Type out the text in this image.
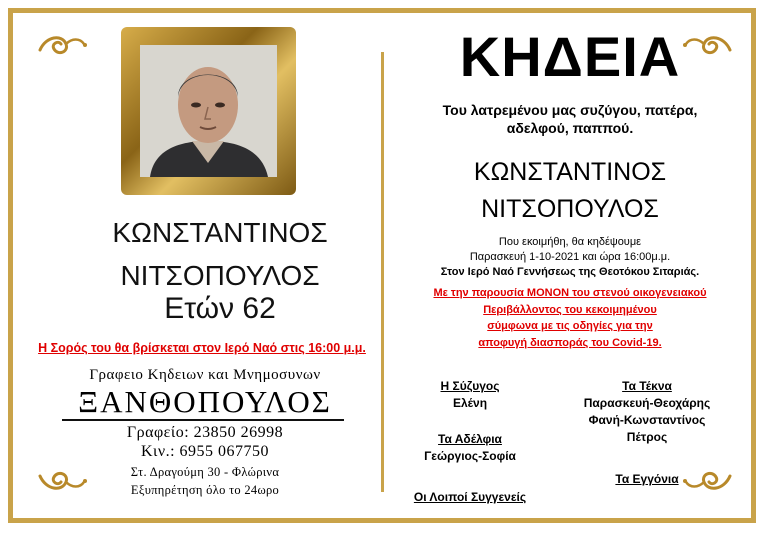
ΚΩΝΣΤΑΝΤΙΝΟΣ
ΝΙΤΣΟΠΟΥΛΟΣ
Ετών 62
Η Σορός του θα βρίσκεται στον Ιερό Ναό στις 16:00 μ.μ.
Γραφειο Κηδειων και Μνημοσυνων
ΞΑΝΘΟΠΟΥΛΟΣ
Γραφείο: 23850 26998
Κιν.: 6955 067750
Στ. Δραγούμη 30 - Φλώρινα
Εξυπηρέτηση όλο το 24ωρο
ΚΗΔΕΙΑ
Του λατρεμένου μας συζύγου, πατέρα,
αδελφού, παππού.
ΚΩΝΣΤΑΝΤΙΝΟΣ
ΝΙΤΣΟΠΟΥΛΟΣ
Που εκοιμήθη, θα κηδέψουμε
Παρασκευή 1-10-2021 και ώρα 16:00μ.μ.
Στον Ιερό Ναό Γεννήσεως της Θεοτόκου Σιταριάς.
Με την παρουσία ΜΟΝΟΝ του στενού οικογενειακού
Περιβάλλοντος του κεκοιμημένου
σύμφωνα με τις οδηγίες για την
αποφυγή διασποράς του Covid-19.
Η Σύζυγος
Ελένη
Τα Τέκνα
Παρασκευή-Θεοχάρης
Φανή-Κωνσταντίνος
Πέτρος
Τα Αδέλφια
Γεώργιος-Σοφία
Τα Εγγόνια
Οι Λοιποί Συγγενείς
